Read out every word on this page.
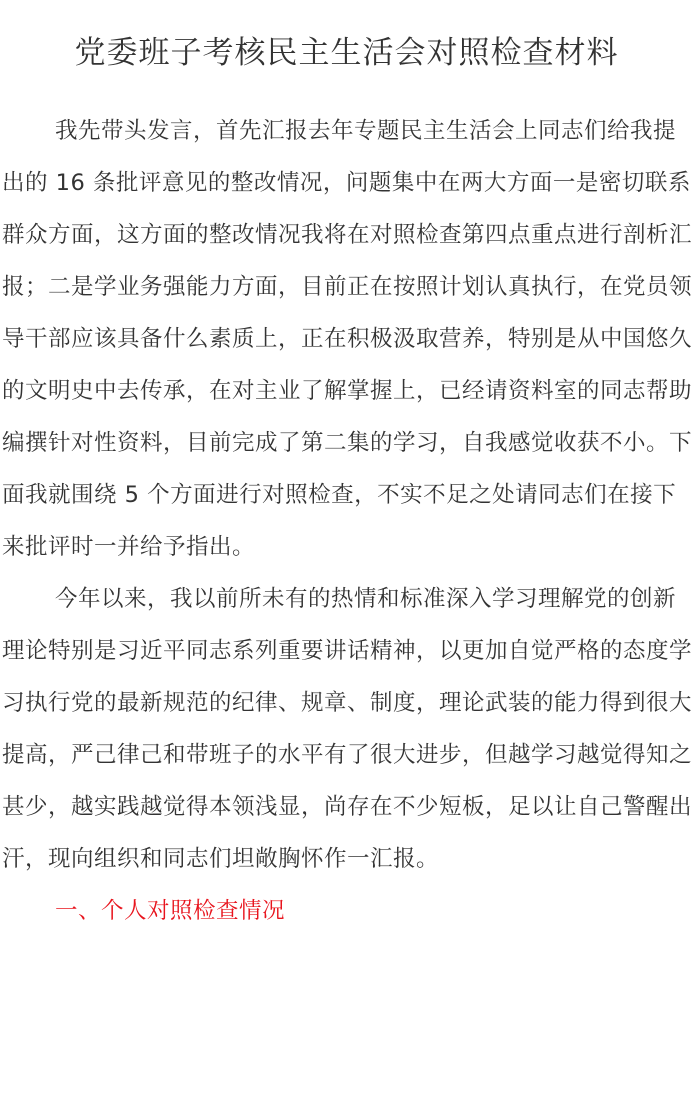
党委班子考核民主生活会对照检查材料

我先带头发言，首先汇报去年专题民主生活会上同志们给我提出的 16 条批评意见的整改情况，问题集中在两大方面一是密切联系群众方面，这方面的整改情况我将在对照检查第四点重点进行剖析汇报；二是学业务强能力方面，目前正在按照计划认真执行，在党员领导干部应该具备什么素质上，正在积极汲取营养，特别是从中国悠久的文明史中去传承，在对主业了解掌握上，已经请资料室的同志帮助编撰针对性资料，目前完成了第二集的学习，自我感觉收获不小。下面我就围绕 5 个方面进行对照检查，不实不足之处请同志们在接下来批评时一并给予指出。

今年以来，我以前所未有的热情和标准深入学习理解党的创新理论特别是习近平同志系列重要讲话精神，以更加自觉严格的态度学习执行党的最新规范的纪律、规章、制度，理论武装的能力得到很大提高，严己律己和带班子的水平有了很大进步，但越学习越觉得知之甚少，越实践越觉得本领浅显，尚存在不少短板，足以让自己警醒出汗，现向组织和同志们坦敞胸怀作一汇报。

一、个人对照检查情况
